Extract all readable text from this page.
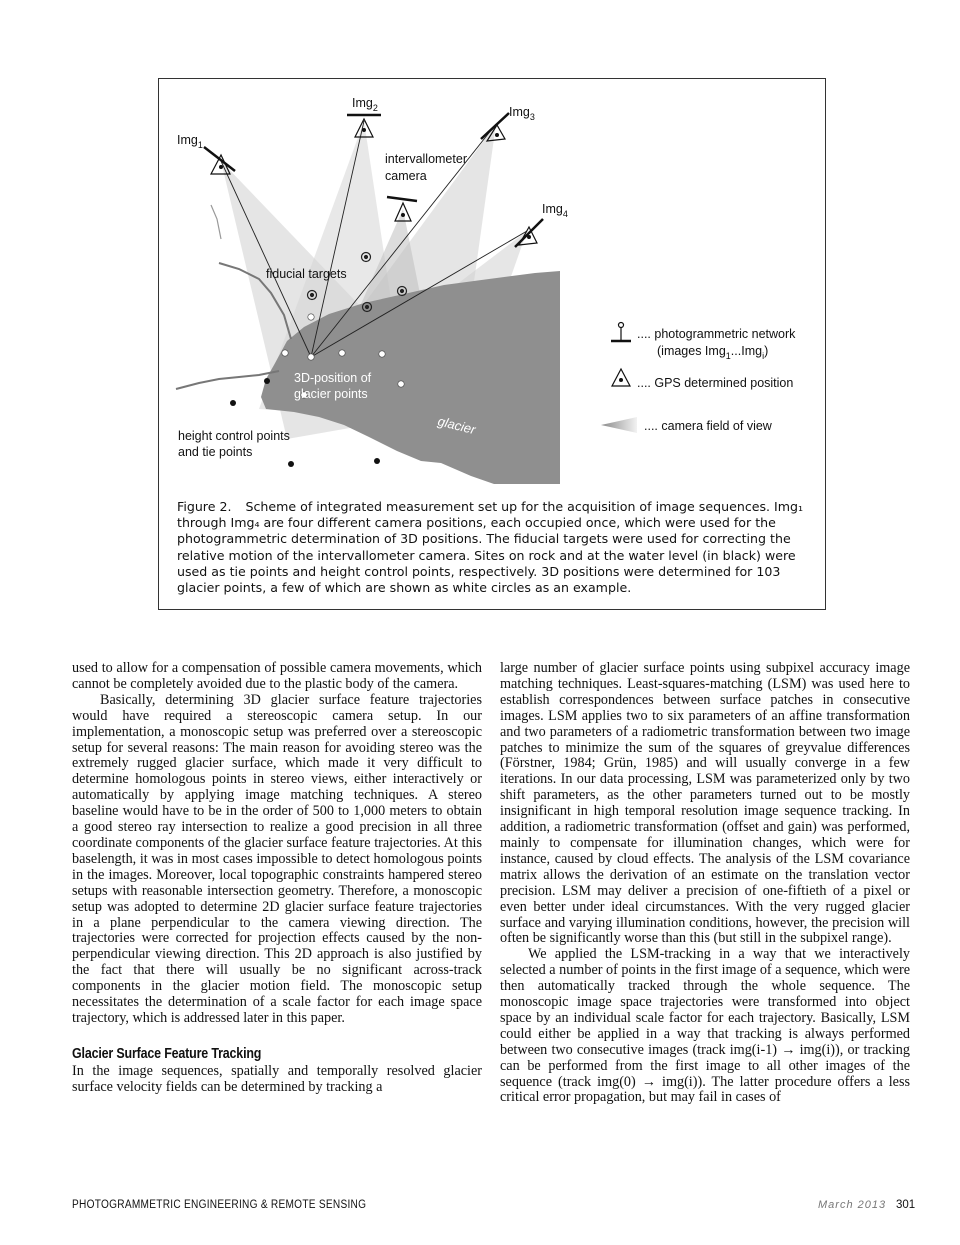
Img$_1$
Img$_2$	Img$_3$
Img$_4$
intervallometer
camera
fiducial targets
3D-position of
glacier points
glacier
height control points
and tie points
.... photogrammetric network
(images Img$_1$...Img$_i$)
.... GPS determined position
.... camera field of view
Figure 2. Scheme of integrated measurement set up for the acquisition of image sequences. Img₁ through Img₄ are four different camera positions, each occupied once, which were used for the photogrammetric determination of 3D positions. The fiducial targets were used for correcting the relative motion of the intervallometer camera. Sites on rock and at the water level (in black) were used as tie points and height control points, respectively. 3D positions were determined for 103 glacier points, a few of which are shown as white circles as an example.

used to allow for a compensation of possible camera movements, which cannot be completely avoided due to the plastic body of the camera.

Basically, determining 3D glacier surface feature trajectories would have required a stereoscopic camera setup. In our implementation, a monoscopic setup was preferred over a stereoscopic setup for several reasons: The main reason for avoiding stereo was the extremely rugged glacier surface, which made it very difficult to determine homologous points in stereo views, either interactively or automatically by applying image matching techniques. A stereo baseline would have to be in the order of 500 to 1,000 meters to obtain a good stereo ray intersection to realize a good precision in all three coordinate components of the glacier surface feature trajectories. At this baselength, it was in most cases impossible to detect homologous points in the images. Moreover, local topographic constraints hampered stereo setups with reasonable intersection geometry. Therefore, a monoscopic setup was adopted to determine 2D glacier surface feature trajectories in a plane perpendicular to the camera viewing direction. The trajectories were corrected for projection effects caused by the non-perpendicular viewing direction. This 2D approach is also justified by the fact that there will usually be no significant across-track components in the glacier motion field. The monoscopic setup necessitates the determination of a scale factor for each image space trajectory, which is addressed later in this paper.

Glacier Surface Feature Tracking

In the image sequences, spatially and temporally resolved glacier surface velocity fields can be determined by tracking a

large number of glacier surface points using subpixel accuracy image matching techniques. Least-squares-matching (LSM) was used here to establish correspondences between surface patches in consecutive images. LSM applies two to six parameters of an affine transformation and two parameters of a radiometric transformation between two image patches to minimize the sum of the squares of greyvalue differences (Förstner, 1984; Grün, 1985) and will usually converge in a few iterations. In our data processing, LSM was parameterized only by two shift parameters, as the other parameters turned out to be mostly insignificant in high temporal resolution image sequence tracking. In addition, a radiometric transformation (offset and gain) was performed, mainly to compensate for illumination changes, which were for instance, caused by cloud effects. The analysis of the LSM covariance matrix allows the derivation of an estimate on the translation vector precision. LSM may deliver a precision of one-fiftieth of a pixel or even better under ideal circumstances. With the very rugged glacier surface and varying illumination conditions, however, the precision will often be significantly worse than this (but still in the subpixel range).

We applied the LSM-tracking in a way that we interactively selected a number of points in the first image of a sequence, which were then automatically tracked through the whole sequence. The monoscopic image space trajectories were transformed into object space by an individual scale factor for each trajectory. Basically, LSM could either be applied in a way that tracking is always performed between two consecutive images (track img(i-1) → img(i)), or tracking can be performed from the first image to all other images of the sequence (track img(0) → img(i)). The latter procedure offers a less critical error propagation, but may fail in cases of

PHOTOGRAMMETRIC ENGINEERING & REMOTE SENSING	March 2013 301
